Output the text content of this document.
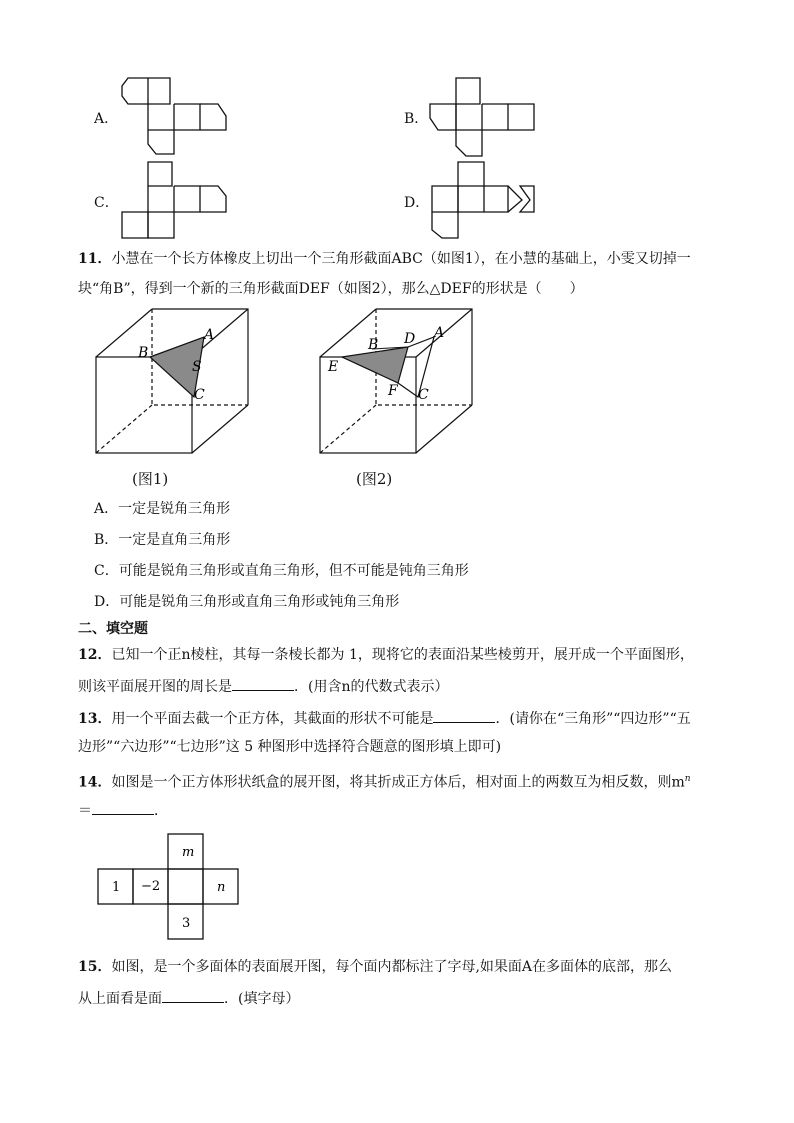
A．	B．
C．	D．
11．小慧在一个长方体橡皮上切出一个三角形截面ABC（如图1），在小慧的基础上，小雯又切掉一
块“角B”，得到一个新的三角形截面DEF（如图2），那么△DEF的形状是（　　）
A
B
S
C
(图1)
A
B D
E
F C
(图2)
A．一定是锐角三角形
B．一定是直角三角形
C．可能是锐角三角形或直角三角形，但不可能是钝角三角形
D．可能是锐角三角形或直角三角形或钝角三角形
二、填空题
12．已知一个正n棱柱，其每一条棱长都为 1，现将它的表面沿某些棱剪开，展开成一个平面图形，
则该平面展开图的周长是	．(用含n的代数式表示）
13．用一个平面去截一个正方体，其截面的形状不可能是	．(请你在“三角形”“四边形”“五
边形”“六边形”“七边形”这 5 种图形中选择符合题意的图形填上即可)
14．如图是一个正方体形状纸盒的展开图，将其折成正方体后，相对面上的两数互为相反数，则$m^n$
＝	．
m
1 −2	n
3
15．如图，是一个多面体的表面展开图，每个面内都标注了字母,如果面A在多面体的底部，那么
从上面看是面	．(填字母）
